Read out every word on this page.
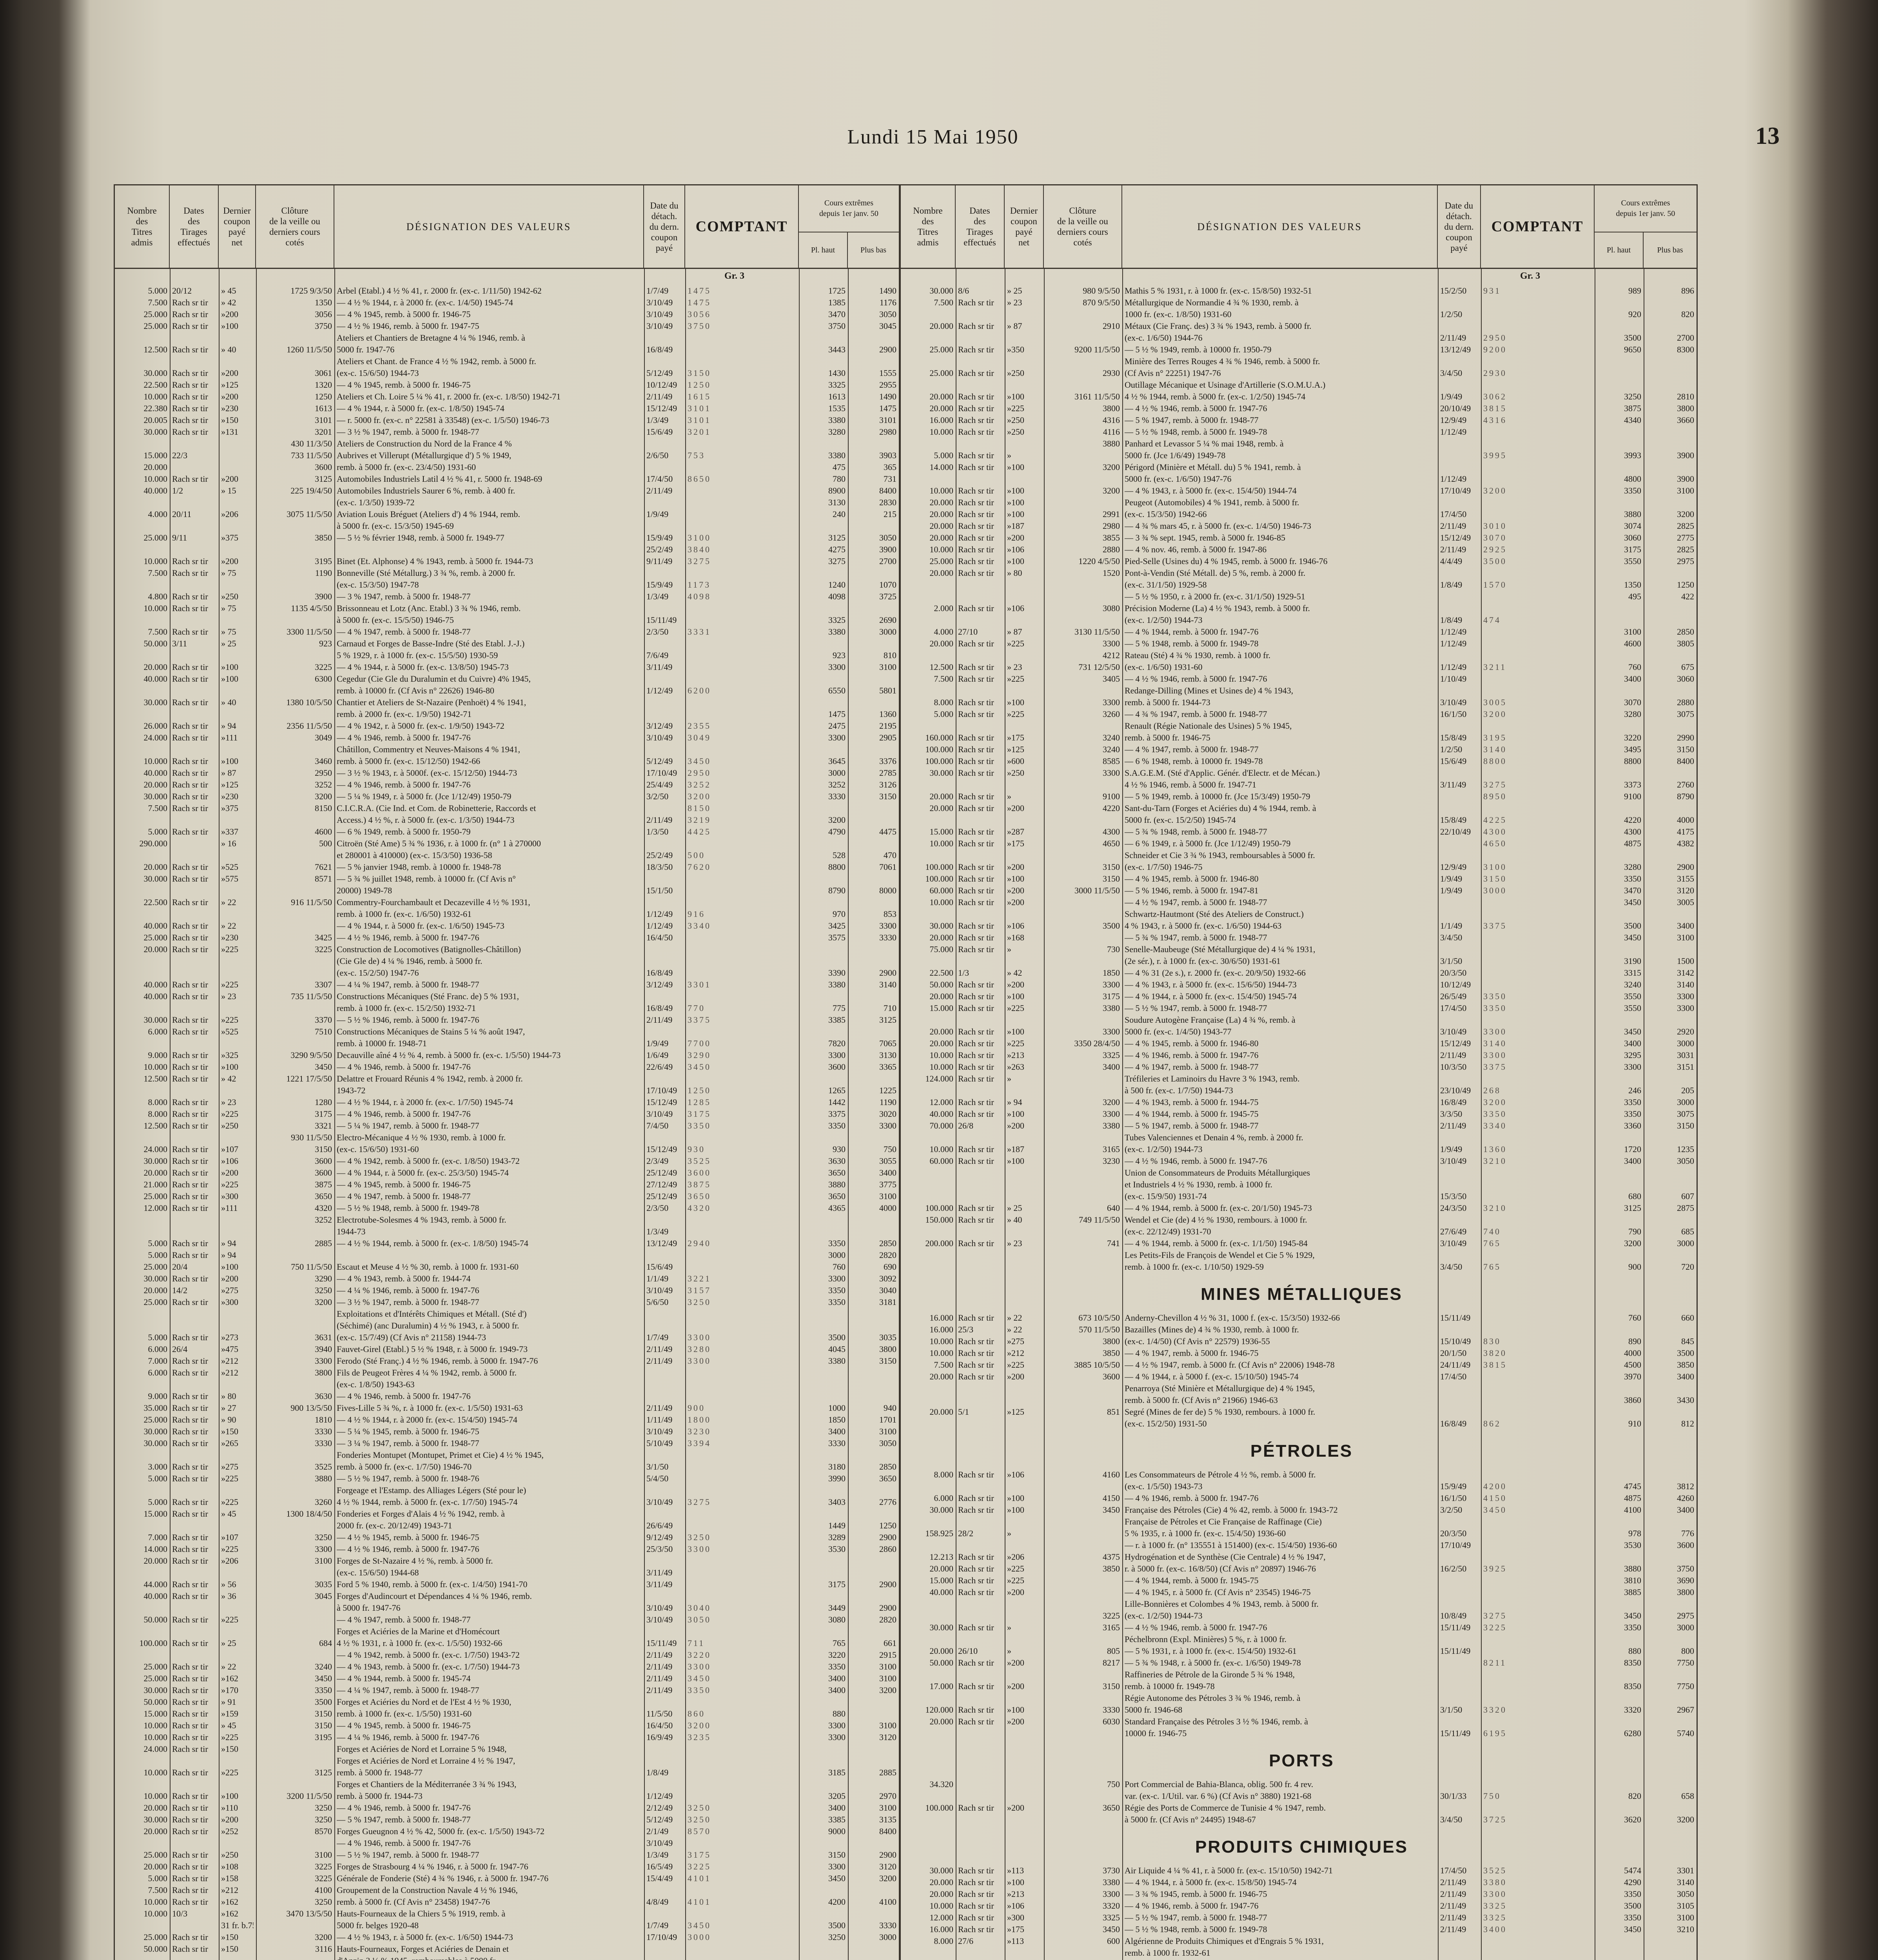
Lundi 15 Mai 1950	13
Nombre
des
Titres
admis
Dates
des
Tirages
effectués
Dernier
coupon
payé
net
Clôture
de la veille ou
derniers cours
cotés
DÉSIGNATION DES VALEURS
Date du
détach.
du dern.
coupon
payé
COMPTANT
Cours extrêmes
depuis 1er janv. 50
Pl. haut	Plus bas
Gr. 3
5.000 20/12	» 45	1725 9/3/50 Arbel (Etabl.) 4 ½ % 41, r. 2000 fr. (ex-c. 1/11/50) 1942-62	1/7/49	1475	1725	1490
7.500 Rach sr tir	» 42	1350 — 4 ½ % 1944, r. à 2000 fr. (ex-c. 1/4/50) 1945-74	3/10/49	1475	1385	1176
25.000 Rach sr tir	»200	3056 — 4 % 1945, remb. à 5000 fr. 1946-75	3/10/49	3056	3470	3050
25.000 Rach sr tir	»100	3750 — 4 ½ % 1946, remb. à 5000 fr. 1947-75	3/10/49	3750	3750	3045
Ateliers et Chantiers de Bretagne 4 ¼ % 1946, remb. à
12.500 Rach sr tir	» 40	1260 11/5/50 5000 fr. 1947-76	16/8/49	3443	2900
Ateliers et Chant. de France 4 ½ % 1942, remb. à 5000 fr.
30.000 Rach sr tir	»200	3061 (ex-c. 15/6/50) 1944-73	5/12/49	3150	1430	1555
22.500 Rach sr tir	»125	1320 — 4 % 1945, remb. à 5000 fr. 1946-75	10/12/49	1250	3325	2955
10.000 Rach sr tir	»200	1250 Ateliers et Ch. Loire 5 ¼ % 41, r. 2000 fr. (ex-c. 1/8/50) 1942-71	2/11/49	1615	1613	1490
22.380 Rach sr tir	»230	1613 — 4 % 1944, r. à 5000 fr. (ex-c. 1/8/50) 1945-74	15/12/49	3101	1535	1475
20.005 Rach sr tir	»150	3101 — r. 5000 fr. (ex-c. n° 22581 à 33548) (ex-c. 1/5/50) 1946-73	1/3/49	3101	3380	3101
30.000 Rach sr tir	»131	3201 — 3 ½ % 1947, remb. à 5000 fr. 1948-77	15/6/49	3201	3280	2980
430 11/3/50 Ateliers de Construction du Nord de la France 4 %
15.000 22/3	733 11/5/50 Aubrives et Villerupt (Métallurgique d') 5 % 1949,	2/6/50	753	3380	3903
20.000	3600 remb. à 5000 fr. (ex-c. 23/4/50) 1931-60	475	365
10.000 Rach sr tir	»200	3125 Automobiles Industriels Latil 4 ½ % 41, r. 5000 fr. 1948-69	17/4/50	8650	780	731
40.000 1/2	» 15	225 19/4/50 Automobiles Industriels Saurer 6 %, remb. à 400 fr.	2/11/49	8900	8400
(ex-c. 1/3/50) 1939-72	3130	2830
4.000 20/11	»206	3075 11/5/50 Aviation Louis Bréguet (Ateliers d') 4 % 1944, remb.	1/9/49	240	215
à 5000 fr. (ex-c. 15/3/50) 1945-69
25.000 9/11	»375	3850 — 5 ½ % février 1948, remb. à 5000 fr. 1949-77	15/9/49	3100	3125	3050
25/2/49	3840	4275	3900
10.000 Rach sr tir	»200	3195 Binet (Et. Alphonse) 4 % 1943, remb. à 5000 fr. 1944-73	9/11/49	3275	3275	2700
7.500 Rach sr tir	» 75	1190 Bonneville (Sté Métallurg.) 3 ¾ %, remb. à 2000 fr.
(ex-c. 15/3/50) 1947-78	15/9/49	1173	1240	1070
4.800 Rach sr tir	»250	3900 — 3 % 1947, remb. à 5000 fr. 1948-77	1/3/49	4098	4098	3725
10.000 Rach sr tir	» 75	1135 4/5/50 Brissonneau et Lotz (Anc. Etabl.) 3 ¾ % 1946, remb.
à 5000 fr. (ex-c. 15/5/50) 1946-75	15/11/49	3325	2690
7.500 Rach sr tir	» 75	3300 11/5/50 — 4 % 1947, remb. à 5000 fr. 1948-77	2/3/50	3331	3380	3000
50.000 3/11	» 25	923 Carnaud et Forges de Basse-Indre (Sté des Etabl. J.-J.)
5 % 1929, r. à 1000 fr. (ex-c. 15/5/50) 1930-59	7/6/49	923	810
20.000 Rach sr tir	»100	3225 — 4 % 1944, r. à 5000 fr. (ex-c. 13/8/50) 1945-73	3/11/49	3300	3100
40.000 Rach sr tir	»100	6300 Cegedur (Cie Gle du Duralumin et du Cuivre) 4% 1945,
remb. à 10000 fr. (Cf Avis n° 22626) 1946-80	1/12/49	6200	6550	5801
30.000 Rach sr tir	» 40	1380 10/5/50 Chantier et Ateliers de St-Nazaire (Penhoët) 4 % 1941,
remb. à 2000 fr. (ex-c. 1/9/50) 1942-71	1475	1360
26.000 Rach sr tir	» 94	2356 11/5/50 — 4 % 1942, r. à 5000 fr. (ex-c. 1/9/50) 1943-72	3/12/49	2355	2475	2195
24.000 Rach sr tir	»111	3049 — 4 % 1946, remb. à 5000 fr. 1947-76	3/10/49	3049	3300	2905
Châtillon, Commentry et Neuves-Maisons 4 % 1941,
10.000 Rach sr tir	»100	3460 remb. à 5000 fr. (ex-c. 15/12/50) 1942-66	5/12/49	3450	3645	3376
40.000 Rach sr tir	» 87	2950 — 3 ½ % 1943, r. à 5000f. (ex-c. 15/12/50) 1944-73	17/10/49	2950	3000	2785
20.000 Rach sr tir	»125	3252 — 4 % 1946, remb. à 5000 fr. 1947-76	25/4/49	3252	3252	3126
30.000 Rach sr tir	»230	3200 — 5 ¼ % 1949, r. à 5000 fr. (Jce 1/12/49) 1950-79	3/2/50	3200	3330	3150
7.500 Rach sr tir	»375	8150 C.I.C.R.A. (Cie Ind. et Com. de Robinetterie, Raccords et	8150
Access.) 4 ½ %, r. à 5000 fr. (ex-c. 1/3/50) 1944-73	2/11/49	3219	3200
5.000 Rach sr tir	»337	4600 — 6 % 1949, remb. à 5000 fr. 1950-79	1/3/50	4425	4790	4475
290.000	» 16	500 Citroën (Sté Ame) 5 ¾ % 1936, r. à 1000 fr. (n° 1 à 270000
et 280001 à 410000) (ex-c. 15/3/50) 1936-58	25/2/49	500	528	470
20.000 Rach sr tir	»525	7621 — 5 % janvier 1948, remb. à 10000 fr. 1948-78	18/3/50	7620	8800	7061
30.000 Rach sr tir	»575	8571 — 5 ¾ % juillet 1948, remb. à 10000 fr. (Cf Avis n°
20000) 1949-78	15/1/50	8790	8000
22.500 Rach sr tir	» 22	916 11/5/50 Commentry-Fourchambault et Decazeville 4 ½ % 1931,
remb. à 1000 fr. (ex-c. 1/6/50) 1932-61	1/12/49	916	970	853
40.000 Rach sr tir	» 22	— 4 % 1944, r. à 5000 fr. (ex-c. 1/6/50) 1945-73	1/12/49	3340	3425	3300
25.000 Rach sr tir	»230	3425 — 4 ½ % 1946, remb. à 5000 fr. 1947-76	16/4/50	3575	3330
20.000 Rach sr tir	»225	3225 Construction de Locomotives (Batignolles-Châtillon)
(Cie Gle de) 4 ¼ % 1946, remb. à 5000 fr.
(ex-c. 15/2/50) 1947-76	16/8/49	3390	2900
40.000 Rach sr tir	»225	3307 — 4 ¼ % 1947, remb. à 5000 fr. 1948-77	3/12/49	3301	3380	3140
40.000 Rach sr tir	» 23	735 11/5/50 Constructions Mécaniques (Sté Franc. de) 5 % 1931,
remb. à 1000 fr. (ex-c. 15/2/50) 1932-71	16/8/49	770	775	710
30.000 Rach sr tir	»225	3370 — 5 ½ % 1946, remb. à 5000 fr. 1947-76	2/11/49	3375	3385	3125
6.000 Rach sr tir	»525	7510 Constructions Mécaniques de Stains 5 ¼ % août 1947,
remb. à 10000 fr. 1948-71	1/9/49	7700	7820	7065
9.000 Rach sr tir	»325	3290 9/5/50 Decauville aîné 4 ½ % 4, remb. à 5000 fr. (ex-c. 1/5/50) 1944-73	1/6/49	3290	3300	3130
10.000 Rach sr tir	»100	3450 — 4 % 1946, remb. à 5000 fr. 1947-76	22/6/49	3450	3600	3365
12.500 Rach sr tir	» 42	1221 17/5/50 Delattre et Frouard Réunis 4 % 1942, remb. à 2000 fr.
1943-72	17/10/49	1250	1265	1225
8.000 Rach sr tir	» 23	1280 — 4 ½ % 1944, r. à 2000 fr. (ex-c. 1/7/50) 1945-74	15/12/49	1285	1442	1190
8.000 Rach sr tir	»225	3175 — 4 % 1946, remb. à 5000 fr. 1947-76	3/10/49	3175	3375	3020
12.500 Rach sr tir	»250	3321 — 5 ¼ % 1947, remb. à 5000 fr. 1948-77	7/4/50	3350	3350	3300
930 11/5/50 Electro-Mécanique 4 ½ % 1930, remb. à 1000 fr.
24.000 Rach sr tir	»107	3150 (ex-c. 15/6/50) 1931-60	15/12/49	930	930	750
30.000 Rach sr tir	»106	3600 — 4 % 1942, remb. à 5000 fr. (ex-c. 1/8/50) 1943-72	2/3/49	3525	3630	3055
20.000 Rach sr tir	»200	3600 — 4 % 1944, r. à 5000 fr. (ex-c. 25/3/50) 1945-74	25/12/49	3600	3650	3400
21.000 Rach sr tir	»225	3875 — 4 % 1945, remb. à 5000 fr. 1946-75	27/12/49	3875	3880	3775
25.000 Rach sr tir	»300	3650 — 4 % 1947, remb. à 5000 fr. 1948-77	25/12/49	3650	3650	3100
12.000 Rach sr tir	»111	4320 — 5 ½ % 1948, remb. à 5000 fr. 1949-78	2/3/50	4320	4365	4000
3252 Electrotube-Solesmes 4 % 1943, remb. à 5000 fr.
1944-73	1/3/49
5.000 Rach sr tir	» 94	2885 — 4 ½ % 1944, remb. à 5000 fr. (ex-c. 1/8/50) 1945-74	13/12/49	2940	3350	2850
5.000 Rach sr tir	» 94	3000	2820
25.000 20/4	»100	750 11/5/50 Escaut et Meuse 4 ½ % 30, remb. à 1000 fr. 1931-60	15/6/49	760	690
30.000 Rach sr tir	»200	3290 — 4 % 1943, remb. à 5000 fr. 1944-74	1/1/49	3221	3300	3092
20.000 14/2	»275	3250 — 4 ¼ % 1946, remb. à 5000 fr. 1947-76	3/10/49	3157	3350	3040
25.000 Rach sr tir	»300	3200 — 3 ½ % 1947, remb. à 5000 fr. 1948-77	5/6/50	3250	3350	3181
Exploitations et d'Intérêts Chimiques et Métall. (Sté d')
(Séchimé) (anc Duralumin) 4 ½ % 1943, r. à 5000 fr.
5.000 Rach sr tir	»273	3631 (ex-c. 15/7/49) (Cf Avis n° 21158) 1944-73	1/7/49	3300	3500	3035
6.000 26/4	»475	3940 Fauvet-Girel (Etabl.) 5 ½ % 1948, r. à 5000 fr. 1949-73	2/11/49	3280	4045	3800
7.000 Rach sr tir	»212	3300 Ferodo (Sté Franç.) 4 ½ % 1946, remb. à 5000 fr. 1947-76	2/11/49	3300	3380	3150
6.000 Rach sr tir	»212	3800 Fils de Peugeot Frères 4 ¼ % 1942, remb. à 5000 fr.
(ex-c. 1/8/50) 1943-63
9.000 Rach sr tir	» 80	3630 — 4 % 1946, remb. à 5000 fr. 1947-76
35.000 Rach sr tir	» 27	900 13/5/50 Fives-Lille 5 ¾ %, r. à 1000 fr. (ex-c. 1/5/50) 1931-63	2/11/49	900	1000	940
25.000 Rach sr tir	» 90	1810 — 4 ½ % 1944, r. à 2000 fr. (ex-c. 15/4/50) 1945-74	1/11/49	1800	1850	1701
30.000 Rach sr tir	»150	3330 — 5 ¼ % 1945, remb. à 5000 fr. 1946-75	3/10/49	3230	3400	3100
30.000 Rach sr tir	»265	3330 — 3 ¼ % 1947, remb. à 5000 fr. 1948-77	5/10/49	3394	3330	3050
Fonderies Montupet (Montupet, Primet et Cie) 4 ½ % 1945,
3.000 Rach sr tir	»275	3525 remb. à 5000 fr. (ex-c. 1/7/50) 1946-70	3/1/50	3180	2850
5.000 Rach sr tir	»225	3880 — 5 ½ % 1947, remb. à 5000 fr. 1948-76	5/4/50	3990	3650
Forgeage et l'Estamp. des Alliages Légers (Sté pour le)
5.000 Rach sr tir	»225	3260 4 ½ % 1944, remb. à 5000 fr. (ex-c. 1/7/50) 1945-74	3/10/49	3275	3403	2776
15.000 Rach sr tir	» 45	1300 18/4/50 Fonderies et Forges d'Alais 4 ½ % 1942, remb. à
2000 fr. (ex-c. 20/12/49) 1943-71	26/6/49	1449	1250
7.000 Rach sr tir	»107	3250 — 4 ½ % 1945, remb. à 5000 fr. 1946-75	9/12/49	3250	3289	2900
14.000 Rach sr tir	»225	3300 — 4 ½ % 1946, remb. à 5000 fr. 1947-76	25/3/50	3300	3530	2860
20.000 Rach sr tir	»206	3100 Forges de St-Nazaire 4 ½ %, remb. à 5000 fr.
(ex-c. 15/6/50) 1944-68	3/11/49
44.000 Rach sr tir	» 56	3035 Ford 5 % 1940, remb. à 5000 fr. (ex-c. 1/4/50) 1941-70	3/11/49	3175	2900
40.000 Rach sr tir	» 36	3045 Forges d'Audincourt et Dépendances 4 ¼ % 1946, remb.
à 5000 fr. 1947-76	3/10/49	3040	3449	2900
50.000 Rach sr tir	»225	— 4 % 1947, remb. à 5000 fr. 1948-77	3/10/49	3050	3080	2820
Forges et Aciéries de la Marine et d'Homécourt
100.000 Rach sr tir	» 25	684 4 ½ % 1931, r. à 1000 fr. (ex-c. 1/5/50) 1932-66	15/11/49	711	765	661
— 4 % 1942, remb. à 5000 fr. (ex-c. 1/7/50) 1943-72	2/11/49	3220	3220	2915
25.000 Rach sr tir	» 22	3240 — 4 % 1943, remb. à 5000 fr. (ex-c. 1/7/50) 1944-73	2/11/49	3300	3350	3100
25.000 Rach sr tir	»162	3450 — 4 % 1944, remb. à 5000 fr. 1945-74	2/11/49	3450	3400	3100
30.000 Rach sr tir	»170	3350 — 4 ¼ % 1947, remb. à 5000 fr. 1948-77	2/11/49	3350	3400	3200
50.000 Rach sr tir	» 91	3500 Forges et Aciéries du Nord et de l'Est 4 ½ % 1930,
15.000 Rach sr tir	»159	3150 remb. à 1000 fr. (ex-c. 1/5/50) 1931-60	11/5/50	860	880
10.000 Rach sr tir	» 45	3150 — 4 % 1945, remb. à 5000 fr. 1946-75	16/4/50	3200	3300	3100
10.000 Rach sr tir	»225	3195 — 4 ¼ % 1946, remb. à 5000 fr. 1947-76	16/9/49	3235	3300	3120
24.000 Rach sr tir	»150	Forges et Aciéries de Nord et Lorraine 5 % 1948,
Forges et Aciéries de Nord et Lorraine 4 ½ % 1947,
10.000 Rach sr tir	»225	3125 remb. à 5000 fr. 1948-77	1/8/49	3185	2885
Forges et Chantiers de la Méditerranée 3 ¾ % 1943,
10.000 Rach sr tir	»100	3200 11/5/50 remb. à 5000 fr. 1944-73	1/12/49	3205	2970
20.000 Rach sr tir	»110	3250 — 4 % 1946, remb. à 5000 fr. 1947-76	2/12/49	3250	3400	3100
30.000 Rach sr tir	»200	3250 — 5 % 1947, remb. à 5000 fr. 1948-77	5/12/49	3250	3385	3135
20.000 Rach sr tir	»252	8570 Forges Gueugnon 4 ½ % 42, 5000 fr. (ex-c. 1/5/50) 1943-72	2/1/49	8570	9000	8400
— 4 % 1946, remb. à 5000 fr. 1947-76	3/10/49
25.000 Rach sr tir	»250	3100 — 5 ½ % 1947, remb. à 5000 fr. 1948-77	1/3/49	3175	3150	2900
20.000 Rach sr tir	»108	3225 Forges de Strasbourg 4 ¼ % 1946, r. à 5000 fr. 1947-76	16/5/49	3225	3300	3120
5.000 Rach sr tir	»158	3225 Générale de Fonderie (Sté) 4 ¾ % 1946, r. à 5000 fr. 1947-76	15/4/49	4101	3450	3200
7.500 Rach sr tir	»212	4100 Groupement de la Construction Navale 4 ½ % 1946,
10.000 Rach sr tir	»162	3250 remb. à 5000 fr. (Cf Avis n° 23458) 1947-76	4/8/49	4101	4200	4100
10.000 10/3	»162	3470 13/5/50 Hauts-Fourneaux de la Chiers 5 % 1919, remb. à
31 fr. b.75	5000 fr. belges 1920-48	1/7/49	3450	3500	3330
25.000 Rach sr tir	»150	3200 — 4 ½ % 1943, r. à 5000 fr. (ex-c. 1/6/50) 1944-73	17/10/49	3000	3250	3000
50.000 Rach sr tir	»150	3116 Hauts-Fourneaux, Forges et Aciéries de Denain et
Nombre
des
Titres
admis
Dates
des
Tirages
effectués
Dernier
coupon
payé
net
Clôture
de la veille ou
derniers cours
cotés
DÉSIGNATION DES VALEURS
Date du
détach.
du dern.
coupon
payé
COMPTANT
Cours extrêmes
depuis 1er janv. 50
Pl. haut	Plus bas
Gr. 3
30.000 8/6	» 25	980 9/5/50 Mathis 5 % 1931, r. à 1000 fr. (ex-c. 15/8/50) 1932-51	15/2/50	931	989	896
7.500 Rach sr tir	» 23	870 9/5/50 Métallurgique de Normandie 4 ¾ % 1930, remb. à
1000 fr. (ex-c. 1/8/50) 1931-60	1/2/50	920	820
20.000 Rach sr tir	» 87	2910 Métaux (Cie Franç. des) 3 ¾ % 1943, remb. à 5000 fr.
(ex-c. 1/6/50) 1944-76	2/11/49	2950	3500	2700
25.000 Rach sr tir	»350	9200 11/5/50 — 5 ½ % 1949, remb. à 10000 fr. 1950-79	13/12/49	9200	9650	8300
Minière des Terres Rouges 4 ¾ % 1946, remb. à 5000 fr.
25.000 Rach sr tir	»250	2930 (Cf Avis n° 22251) 1947-76	3/4/50	2930
Outillage Mécanique et Usinage d'Artillerie (S.O.M.U.A.)
20.000 Rach sr tir	»100	3161 11/5/50 4 ½ % 1944, remb. à 5000 fr. (ex-c. 1/2/50) 1945-74	1/9/49	3062	3250	2810
20.000 Rach sr tir	»225	3800 — 4 ½ % 1946, remb. à 5000 fr. 1947-76	20/10/49	3815	3875	3800
16.000 Rach sr tir	»250	4316 — 5 % 1947, remb. à 5000 fr. 1948-77	12/9/49	4316	4340	3660
10.000 Rach sr tir	»250	4116 — 5 ½ % 1948, remb. à 5000 fr. 1949-78	1/12/49
3880 Panhard et Levassor 5 ¼ % mai 1948, remb. à
5.000 Rach sr tir	»	5000 fr. (Jce 1/6/49) 1949-78	3995	3993	3900
14.000 Rach sr tir	»100	3200 Périgord (Minière et Métall. du) 5 % 1941, remb. à
5000 fr. (ex-c. 1/6/50) 1947-76	1/12/49	4800	3900
10.000 Rach sr tir	»100	3200 — 4 % 1943, r. à 5000 fr. (ex-c. 15/4/50) 1944-74	17/10/49	3200	3350	3100
20.000 Rach sr tir	»100	Peugeot (Automobiles) 4 % 1941, remb. à 5000 fr.
20.000 Rach sr tir	»100	2991 (ex-c. 15/3/50) 1942-66	17/4/50	3880	3200
20.000 Rach sr tir	»187	2980 — 4 ¾ % mars 45, r. à 5000 fr. (ex-c. 1/4/50) 1946-73	2/11/49	3010	3074	2825
20.000 Rach sr tir	»200	3855 — 3 ¾ % sept. 1945, remb. à 5000 fr. 1946-85	15/12/49	3070	3060	2775
10.000 Rach sr tir	»106	2880 — 4 % nov. 46, remb. à 5000 fr. 1947-86	2/11/49	2925	3175	2825
25.000 Rach sr tir	»100	1220 4/5/50 Pied-Selle (Usines du) 4 % 1945, remb. à 5000 fr. 1946-76	4/4/49	3500	3550	2975
20.000 Rach sr tir	» 80	1520 Pont-à-Vendin (Sté Métall. de) 5 %, remb. à 2000 fr.
(ex-c. 31/1/50) 1929-58	1/8/49	1570	1350	1250
— 5 ½ % 1950, r. à 2000 fr. (ex-c. 31/1/50) 1929-51	495	422
2.000 Rach sr tir	»106	3080 Précision Moderne (La) 4 ½ % 1943, remb. à 5000 fr.
(ex-c. 1/2/50) 1944-73	1/8/49	474
4.000 27/10	» 87	3130 11/5/50 — 4 % 1944, remb. à 5000 fr. 1947-76	1/12/49	3100	2850
20.000 Rach sr tir	»225	3300 — 5 % 1948, remb. à 5000 fr. 1949-78	1/12/49	4600	3805
4212 Rateau (Sté) 4 ¾ % 1930, remb. à 1000 fr.
12.500 Rach sr tir	» 23	731 12/5/50 (ex-c. 1/6/50) 1931-60	1/12/49	3211	760	675
7.500 Rach sr tir	»225	3405 — 4 ½ % 1946, remb. à 5000 fr. 1947-76	1/10/49	3400	3060
Redange-Dilling (Mines et Usines de) 4 % 1943,
8.000 Rach sr tir	»100	3300 remb. à 5000 fr. 1944-73	3/10/49	3005	3070	2880
5.000 Rach sr tir	»225	3260 — 4 ¾ % 1947, remb. à 5000 fr. 1948-77	16/1/50	3200	3280	3075
Renault (Régie Nationale des Usines) 5 % 1945,
160.000 Rach sr tir	»175	3240 remb. à 5000 fr. 1946-75	15/8/49	3195	3220	2990
100.000 Rach sr tir	»125	3240 — 4 % 1947, remb. à 5000 fr. 1948-77	1/2/50	3140	3495	3150
100.000 Rach sr tir	»600	8585 — 6 % 1948, remb. à 10000 fr. 1949-78	15/6/49	8800	8800	8400
30.000 Rach sr tir	»250	3300 S.A.G.E.M. (Sté d'Applic. Génér. d'Electr. et de Mécan.)
4 ½ % 1946, remb. à 5000 fr. 1947-71	3/11/49	3275	3373	2760
20.000 Rach sr tir	»	9100 — 5 % 1949, remb. à 10000 fr. (Jce 15/3/49) 1950-79	8950	9100	8790
20.000 Rach sr tir	»200	4220 Sant-du-Tarn (Forges et Aciéries du) 4 % 1944, remb. à
5000 fr. (ex-c. 15/2/50) 1945-74	15/8/49	4225	4220	4000
15.000 Rach sr tir	»287	4300 — 5 ¾ % 1948, remb. à 5000 fr. 1948-77	22/10/49	4300	4300	4175
10.000 Rach sr tir	»175	4650 — 6 % 1949, r. à 5000 fr. (Jce 1/12/49) 1950-79	4650	4875	4382
Schneider et Cie 3 ¾ % 1943, remboursables à 5000 fr.
100.000 Rach sr tir	»200	3150 (ex-c. 1/7/50) 1946-75	12/9/49	3100	3280	2900
100.000 Rach sr tir	»100	3150 — 4 % 1945, remb. à 5000 fr. 1946-80	1/9/49	3150	3350	3155
60.000 Rach sr tir	»200	3000 11/5/50 — 5 % 1946, remb. à 5000 fr. 1947-81	1/9/49	3000	3470	3120
10.000 Rach sr tir	»200	— 4 ½ % 1947, remb. à 5000 fr. 1948-77	3450	3005
Schwartz-Hautmont (Sté des Ateliers de Construct.)
30.000 Rach sr tir	»106	3500 4 % 1943, r. à 5000 fr. (ex-c. 1/6/50) 1944-63	1/1/49	3375	3500	3400
20.000 Rach sr tir	»168	— 5 ¾ % 1947, remb. à 5000 fr. 1948-77	3/4/50	3450	3100
75.000 Rach sr tir	»	730 Senelle-Maubeuge (Sté Métallurgique de) 4 ¼ % 1931,
(2e sér.), r. à 1000 fr. (ex-c. 30/6/50) 1931-61	3/1/50	3190	1500
22.500 1/3	» 42	1850 — 4 % 31 (2e s.), r. 2000 fr. (ex-c. 20/9/50) 1932-66	20/3/50	3315	3142
50.000 Rach sr tir	»200	3300 — 4 % 1943, r. à 5000 fr. (ex-c. 15/6/50) 1944-73	10/12/49	3240	3140
20.000 Rach sr tir	»100	3175 — 4 % 1944, r. à 5000 fr. (ex-c. 15/4/50) 1945-74	26/5/49	3350	3550	3300
15.000 Rach sr tir	»225	3380 — 5 ½ % 1947, remb. à 5000 fr. 1948-77	17/4/50	3350	3550	3300
Soudure Autogène Française (La) 4 ¾ %, remb. à
20.000 Rach sr tir	»100	3300 5000 fr. (ex-c. 1/4/50) 1943-77	3/10/49	3300	3450	2920
20.000 Rach sr tir	»225	3350 28/4/50 — 4 % 1945, remb. à 5000 fr. 1946-80	15/12/49	3140	3400	3000
10.000 Rach sr tir	»213	3325 — 4 % 1946, remb. à 5000 fr. 1947-76	2/11/49	3300	3295	3031
10.000 Rach sr tir	»263	3400 — 4 % 1947, remb. à 5000 fr. 1948-77	10/3/50	3375	3300	3151
124.000 Rach sr tir	»	Tréfileries et Laminoirs du Havre 3 % 1943, remb.
à 500 fr. (ex-c. 1/7/50) 1944-73	23/10/49	268	246	205
12.000 Rach sr tir	» 94	3200 — 4 % 1943, remb. à 5000 fr. 1944-75	16/8/49	3200	3350	3000
40.000 Rach sr tir	»100	3300 — 4 % 1944, remb. à 5000 fr. 1945-75	3/3/50	3350	3350	3075
70.000 26/8	»200	3380 — 5 % 1947, remb. à 5000 fr. 1948-77	2/11/49	3340	3360	3150
Tubes Valenciennes et Denain 4 %, remb. à 2000 fr.
10.000 Rach sr tir	»187	3165 (ex-c. 1/2/50) 1944-73	1/9/49	1360	1720	1235
60.000 Rach sr tir	»100	3230 — 4 ½ % 1946, remb. à 5000 fr. 1947-76	3/10/49	3210	3400	3050
Union de Consommateurs de Produits Métallurgiques
et Industriels 4 ½ % 1930, remb. à 1000 fr.
(ex-c. 15/9/50) 1931-74	15/3/50	680	607
100.000 Rach sr tir	» 25	640 — 4 % 1944, remb. à 5000 fr. (ex-c. 20/1/50) 1945-73	24/3/50	3210	3125	2875
150.000 Rach sr tir	» 40	749 11/5/50 Wendel et Cie (de) 4 ½ % 1930, rembours. à 1000 fr.
(ex-c. 22/12/49) 1931-70	27/6/49	740	790	685
200.000 Rach sr tir	» 23	741 — 4 % 1944, remb. à 5000 fr. (ex-c. 1/1/50) 1945-84	3/10/49	765	3200	3000
Les Petits-Fils de François de Wendel et Cie 5 % 1929,
remb. à 1000 fr. (ex-c. 1/10/50) 1929-59	3/4/50	765	900	720
MINES MÉTALLIQUES
16.000 Rach sr tir	» 22	673 10/5/50 Anderny-Chevillon 4 ½ % 31, 1000 f. (ex-c. 15/3/50) 1932-66	15/11/49	760	660
16.000 25/3	» 22	570 11/5/50 Bazailles (Mines de) 4 ¾ % 1930, remb. à 1000 fr.
10.000 Rach sr tir	»275	3800 (ex-c. 1/4/50) (Cf Avis n° 22579) 1936-55	15/10/49	830	890	845
10.000 Rach sr tir	»212	3850 — 4 % 1947, remb. à 5000 fr. 1946-75	20/1/50	3820	4000	3500
7.500 Rach sr tir	»225	3885 10/5/50 — 4 ½ % 1947, remb. à 5000 fr. (Cf Avis n° 22006) 1948-78	24/11/49	3815	4500	3850
20.000 Rach sr tir	»200	3600 — 4 % 1944, r. à 5000 f. (ex-c. 15/10/50) 1945-74	17/4/50	3970	3400
Penarroya (Sté Minière et Métallurgique de) 4 % 1945,
remb. à 5000 fr. (Cf Avis n° 21966) 1946-63	3860	3430
20.000 5/1	»125	851 Segré (Mines de fer de) 5 % 1930, rembours. à 1000 fr.
(ex-c. 15/2/50) 1931-50	16/8/49	862	910	812
PÉTROLES
8.000 Rach sr tir	»106	4160 Les Consommateurs de Pétrole 4 ½ %, remb. à 5000 fr.
(ex-c. 1/5/50) 1943-73	15/9/49	4200	4745	3812
6.000 Rach sr tir	»100	4150 — 4 % 1946, remb. à 5000 fr. 1947-76	16/1/50	4150	4875	4260
30.000 Rach sr tir	»100	3450 Française des Pétroles (Cie) 4 % 42, remb. à 5000 fr. 1943-72	3/2/50	3450	4100	3400
Française de Pétroles et Cie Française de Raffinage (Cie)
158.925 28/2	»	5 % 1935, r. à 1000 fr. (ex-c. 15/4/50) 1936-60	20/3/50	978	776
— r. à 1000 fr. (n° 135551 à 151400) (ex-c. 15/4/50) 1936-60	17/10/49	3530	3600
12.213 Rach sr tir	»206	4375 Hydrogénation et de Synthèse (Cie Centrale) 4 ½ % 1947,
20.000 Rach sr tir	»225	3850 r. à 5000 fr. (ex-c. 16/8/50) (Cf Avis n° 20897) 1946-76	16/2/50	3925	3880	3750
15.000 Rach sr tir	»225	— 4 % 1944, remb. à 5000 fr. 1945-75	3810	3690
40.000 Rach sr tir	»200	— 4 % 1945, r. à 5000 fr. (Cf Avis n° 23545) 1946-75	3885	3800
Lille-Bonnières et Colombes 4 % 1943, remb. à 5000 fr.
3225 (ex-c. 1/2/50) 1944-73	10/8/49	3275	3450	2975
30.000 Rach sr tir	»	3165 — 4 ½ % 1946, remb. à 5000 fr. 1947-76	15/11/49	3225	3350	3000
Péchelbronn (Expl. Minières) 5 %, r. à 1000 fr.
20.000 26/10	»	805 — 5 % 1931, r. à 1000 fr. (ex-c. 15/4/50) 1932-61	15/11/49	880	800
50.000 Rach sr tir	»200	8217 — 5 ¾ % 1948, r. à 5000 fr. (ex-c. 1/6/50) 1949-78	8211	8350	7750
Raffineries de Pétrole de la Gironde 5 ¾ % 1948,
17.000 Rach sr tir	»200	3150 remb. à 10000 fr. 1949-78	8350	7750
Régie Autonome des Pétroles 3 ¾ % 1946, remb. à
120.000 Rach sr tir	»100	3330 5000 fr. 1946-68	3/1/50	3320	3320	2967
20.000 Rach sr tir	»200	6030 Standard Française des Pétroles 3 ½ % 1946, remb. à
10000 fr. 1946-75	15/11/49	6195	6280	5740
PORTS
34.320	750 Port Commercial de Bahia-Blanca, oblig. 500 fr. 4 rev.
var. (ex-c. 1/Util. var. 6 %) (Cf Avis n° 3880) 1921-68	30/1/33	750	820	658
100.000 Rach sr tir	»200	3650 Régie des Ports de Commerce de Tunisie 4 % 1947, remb.
à 5000 fr. (Cf Avis n° 24495) 1948-67	3/4/50	3725	3620	3200
PRODUITS CHIMIQUES
30.000 Rach sr tir	»113	3730 Air Liquide 4 ¼ % 41, r. à 5000 fr. (ex-c. 15/10/50) 1942-71	17/4/50	3525	5474	3301
20.000 Rach sr tir	»100	3380 — 4 % 1944, r. à 5000 fr. (ex-c. 15/8/50) 1945-74	2/11/49	3380	4290	3140
20.000 Rach sr tir	»213	3300 — 3 ¾ % 1945, remb. à 5000 fr. 1946-75	2/11/49	3300	3350	3050
10.000 Rach sr tir	»106	3320 — 4 % 1946, remb. à 5000 fr. 1947-76	2/11/49	3325	3500	3105
12.000 Rach sr tir	»300	3325 — 5 ½ % 1947, remb. à 5000 fr. 1948-77	2/11/49	3325	3350	3100
16.000 Rach sr tir	»175	3450 — 5 ½ % 1948, remb. à 5000 fr. 1949-78	2/11/49	3400	3450	3210
8.000 27/6	»113	600 Algérienne de Produits Chimiques et d'Engrais 5 % 1931,
remb. à 1000 fr. 1932-61
